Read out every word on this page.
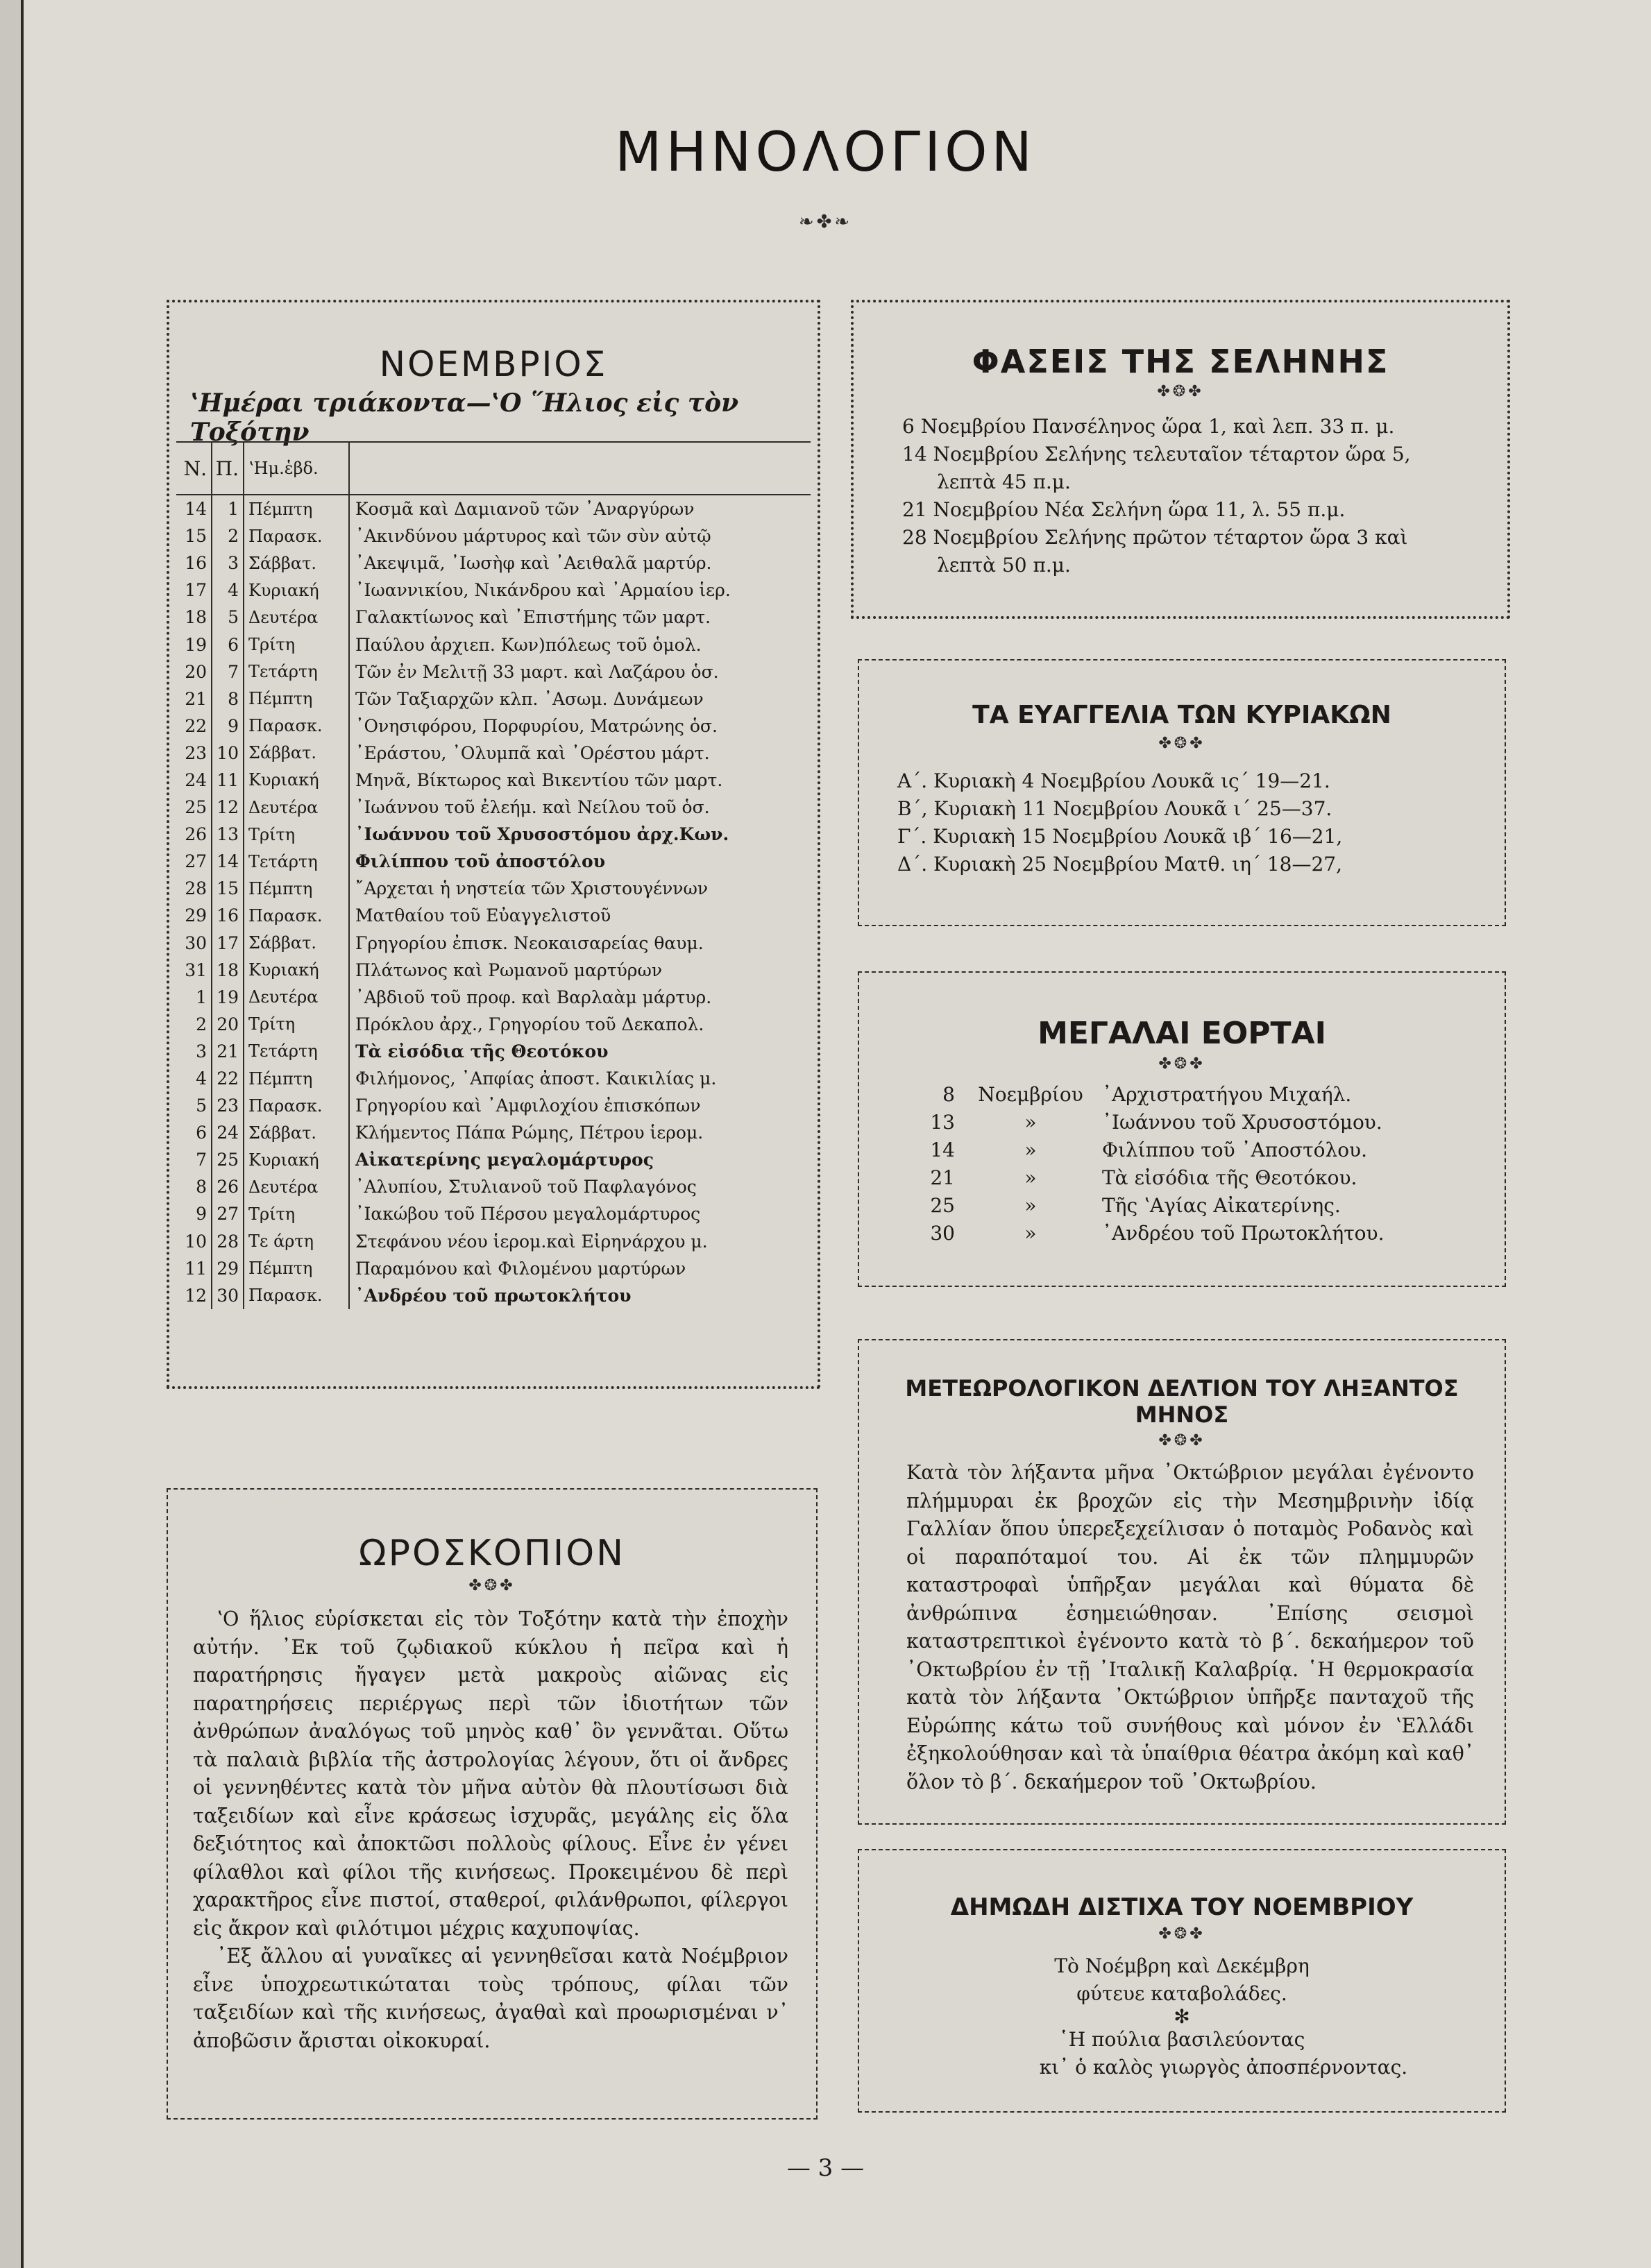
ΜΗΝΟΛΟΓΙΟΝ
❧✤❧
ΝΟΕΜΒΡΙΟΣ
ʽΗμέραι τριάκοντα—ʽΟ ῞Ηλιος εἰς τὸν Τοξότην
Ν. Π. ʽΗμ.ἑβδ.
14	1 Πέμπτη	Κοσμᾶ καὶ Δαμιανοῦ τῶν ᾿Αναργύρων
15	2 Παρασκ.	᾿Ακινδύνου μάρτυρος καὶ τῶν σὺν αὐτῷ
16	3 Σάββατ.	᾿Ακεψιμᾶ, ᾿Ιωσὴφ καὶ ᾿Αειθαλᾶ μαρτύρ.
17	4 Κυριακή	᾿Ιωαννικίου, Νικάνδρου καὶ ᾿Αρμαίου ἱερ.
18	5 Δευτέρα	Γαλακτίωνος καὶ ᾿Επιστήμης τῶν μαρτ.
19	6 Τρίτη	Παύλου ἀρχιεπ. Κων)πόλεως τοῦ ὁμολ.
20	7 Τετάρτη	Τῶν ἐν Μελιτῇ 33 μαρτ. καὶ Λαζάρου ὁσ.
21	8 Πέμπτη	Τῶν Ταξιαρχῶν κλπ. ᾿Ασωμ. Δυνάμεων
22	9 Παρασκ.	᾿Ονησιφόρου, Πορφυρίου, Ματρώνης ὁσ.
23 10 Σάββατ.	᾿Εράστου, ᾿Ολυμπᾶ καὶ ᾿Ορέστου μάρτ.
24 11 Κυριακή	Μηνᾶ, Βίκτωρος καὶ Βικεντίου τῶν μαρτ.
25 12 Δευτέρα	᾿Ιωάννου τοῦ ἐλεήμ. καὶ Νείλου τοῦ ὁσ.
26 13 Τρίτη	᾿Ιωάννου τοῦ Χρυσοστόμου ἀρχ.Κων.
27 14 Τετάρτη	Φιλίππου τοῦ ἀποστόλου
28 15 Πέμπτη	῎Αρχεται ἡ νηστεία τῶν Χριστουγέννων
29 16 Παρασκ.	Ματθαίου τοῦ Εὐαγγελιστοῦ
30 17 Σάββατ.	Γρηγορίου ἐπισκ. Νεοκαισαρείας θαυμ.
31 18 Κυριακή	Πλάτωνος καὶ Ρωμανοῦ μαρτύρων
1 19 Δευτέρα	᾿Αβδιοῦ τοῦ προφ. καὶ Βαρλαὰμ μάρτυρ.
2 20 Τρίτη	Πρόκλου ἀρχ., Γρηγορίου τοῦ Δεκαπολ.
3 21 Τετάρτη	Τὰ εἰσόδια τῆς Θεοτόκου
4 22 Πέμπτη	Φιλήμονος, ᾿Απφίας ἀποστ. Καικιλίας μ.
5 23 Παρασκ.	Γρηγορίου καὶ ᾿Αμφιλοχίου ἐπισκόπων
6 24 Σάββατ.	Κλήμεντος Πάπα Ρώμης, Πέτρου ἱερομ.
7 25 Κυριακή	Αἰκατερίνης μεγαλομάρτυρος
8 26 Δευτέρα	᾿Αλυπίου, Στυλιανοῦ τοῦ Παφλαγόνος
9 27 Τρίτη	᾿Ιακώβου τοῦ Πέρσου μεγαλομάρτυρος
10 28 Τε άρτη	Στεφάνου νέου ἱερομ.καὶ Εἰρηνάρχου μ.
11 29 Πέμπτη	Παραμόνου καὶ Φιλομένου μαρτύρων
12 30 Παρασκ.	᾿Ανδρέου τοῦ πρωτοκλήτου
ΦΑΣΕΙΣ ΤΗΣ ΣΕΛΗΝΗΣ
✤❂✤
6 Νοεμβρίου Πανσέληνος ὥρα 1, καὶ λεπ. 33 π. μ.
14 Νοεμβρίου Σελήνης τελευταῖον τέταρτον ὥρα 5,
λεπτὰ 45 π.μ.
21 Νοεμβρίου Νέα Σελήνη ὥρα 11, λ. 55 π.μ.
28 Νοεμβρίου Σελήνης πρῶτον τέταρτον ὥρα 3 καὶ
λεπτὰ 50 π.μ.
ΤΑ ΕΥΑΓΓΕΛΙΑ ΤΩΝ ΚΥΡΙΑΚΩΝ
✤❂✤
Α΄. Κυριακὴ 4 Νοεμβρίου Λουκᾶ ις΄ 19—21.
Β΄, Κυριακὴ 11 Νοεμβρίου Λουκᾶ ι΄ 25—37.
Γ΄. Κυριακὴ 15 Νοεμβρίου Λουκᾶ ιβ΄ 16—21,
Δ΄. Κυριακὴ 25 Νοεμβρίου Ματθ. ιη΄ 18—27,
ΜΕΓΑΛΑΙ ΕΟΡΤΑΙ
✤❂✤
8	Νοεμβρίου ᾿Αρχιστρατήγου Μιχαήλ.
13	»	᾿Ιωάννου τοῦ Χρυσοστόμου.
14	»	Φιλίππου τοῦ ᾿Αποστόλου.
21	»	Τὰ εἰσόδια τῆς Θεοτόκου.
25	»	Τῆς ʽΑγίας Αἰκατερίνης.
30	»	᾿Ανδρέου τοῦ Πρωτοκλήτου.
ΜΕΤΕΩΡΟΛΟΓΙΚΟΝ ΔΕΛΤΙΟΝ ΤΟΥ ΛΗΞΑΝΤΟΣ ΜΗΝΟΣ
✤❂✤
Κατὰ τὸν λήξαντα μῆνα ᾿Οκτώβριον μεγάλαι ἐγένοντο πλήμμυραι ἐκ βροχῶν εἰς τὴν Μεσημβρινὴν ἰδίᾳ Γαλλίαν ὅπου ὑπερεξεχείλισαν ὁ ποταμὸς Ροδανὸς καὶ οἱ παραπόταμοί του. Αἱ ἐκ τῶν πλημμυρῶν καταστροφαὶ ὑπῆρξαν μεγάλαι καὶ θύματα δὲ ἀνθρώπινα ἐσημειώθησαν. ᾿Επίσης σεισμοὶ καταστρεπτικοὶ ἐγένοντο κατὰ τὸ β΄. δεκαήμερον τοῦ ᾿Οκτωβρίου ἐν τῇ ᾿Ιταλικῇ Καλαβρίᾳ. ῾Η θερμοκρασία κατὰ τὸν λήξαντα ᾿Οκτώβριον ὑπῆρξε πανταχοῦ τῆς Εὐρώπης κάτω τοῦ συνήθους καὶ μόνον ἐν ʽΕλλάδι ἐξηκολούθησαν καὶ τὰ ὑπαίθρια θέατρα ἀκόμη καὶ καθ᾿ ὅλον τὸ β΄. δεκαήμερον τοῦ ᾿Οκτωβρίου.
ΔΗΜΩΔΗ ΔΙΣΤΙΧΑ ΤΟΥ ΝΟΕΜΒΡΙΟΥ
✤❂✤
Τὸ Νοέμβρη καὶ Δεκέμβρη
φύτευε καταβολάδες.
✻
῾Η πούλια βασιλεύοντας
κι᾿ ὁ καλὸς γιωργὸς ἀποσπέρνοντας.
ΩΡΟΣΚΟΠΙΟΝ
✤❂✤
ʽΟ ἥλιος εὑρίσκεται εἰς τὸν Τοξότην κατὰ τὴν ἐποχὴν αὐτήν. ᾿Εκ τοῦ ζῳδιακοῦ κύκλου ἡ πεῖρα καὶ ἡ παρατήρησις ἤγαγεν μετὰ μακροὺς αἰῶνας εἰς παρατηρήσεις περιέργως περὶ τῶν ἰδιοτήτων τῶν ἀνθρώπων ἀναλόγως τοῦ μηνὸς καθ᾿ ὃν γεννᾶται. Οὕτω τὰ παλαιὰ βιβλία τῆς ἀστρολογίας λέγουν, ὅτι οἱ ἄνδρες οἱ γεννηθέντες κατὰ τὸν μῆνα αὐτὸν θὰ πλουτίσωσι διὰ ταξειδίων καὶ εἶνε κράσεως ἰσχυρᾶς, μεγάλης εἰς ὅλα δεξιότητος καὶ ἀποκτῶσι πολλοὺς φίλους. Εἶνε ἐν γένει φίλαθλοι καὶ φίλοι τῆς κινήσεως. Προκειμένου δὲ περὶ χαρακτῆρος εἶνε πιστοί, σταθεροί, φιλάνθρωποι, φίλεργοι εἰς ἄκρον καὶ φιλότιμοι μέχρις καχυποψίας.
᾿Εξ ἄλλου αἱ γυναῖκες αἱ γεννηθεῖσαι κατὰ Νοέμβριον εἶνε ὑποχρεωτικώταται τοὺς τρόπους, φίλαι τῶν ταξειδίων καὶ τῆς κινήσεως, ἀγαθαὶ καὶ προωρισμέναι ν᾿ ἀποβῶσιν ἄρισται οἰκοκυραί.
— 3 —
